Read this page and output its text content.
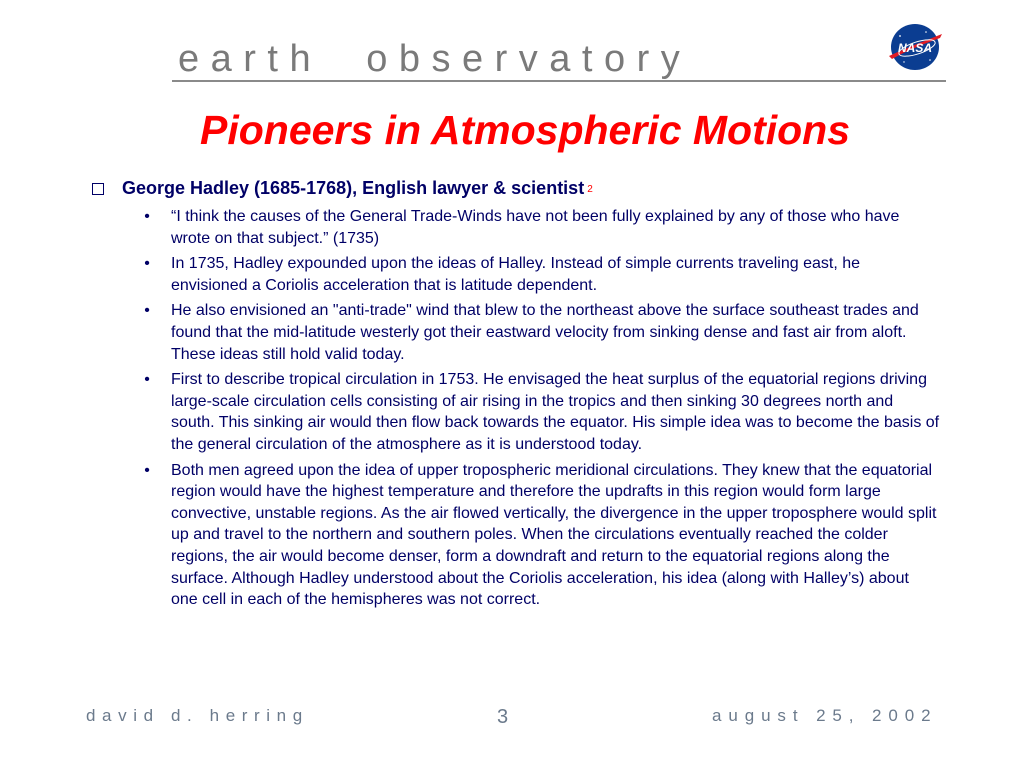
earth  observatory	NASA
Pioneers in Atmospheric Motions
George Hadley (1685-1768), English lawyer & scientist $^2$
• “I think the causes of the General Trade-Winds have not been fully explained by any of those who have wrote on that subject.” (1735)
• In 1735, Hadley expounded upon the ideas of Halley. Instead of simple currents traveling east, he envisioned a Coriolis acceleration that is latitude dependent.
• He also envisioned an "anti-trade" wind that blew to the northeast above the surface southeast trades and found that the mid-latitude westerly got their eastward velocity from sinking dense and fast air from aloft. These ideas still hold valid today.
• First to describe tropical circulation in 1753. He envisaged the heat surplus of the equatorial regions driving large-scale circulation cells consisting of air rising in the tropics and then sinking 30 degrees north and south. This sinking air would then flow back towards the equator. His simple idea was to become the basis of the general circulation of the atmosphere as it is understood today.
• Both men agreed upon the idea of upper tropospheric meridional circulations. They knew that the equatorial region would have the highest temperature and therefore the updrafts in this region would form large convective, unstable regions. As the air flowed vertically, the divergence in the upper troposphere would split up and travel to the northern and southern poles. When the circulations eventually reached the colder regions, the air would become denser, form a downdraft and return to the equatorial regions along the surface. Although Hadley understood about the Coriolis acceleration, his idea (along with Halley’s) about one cell in each of the hemispheres was not correct.
david d. herring	3	august 25, 2002
